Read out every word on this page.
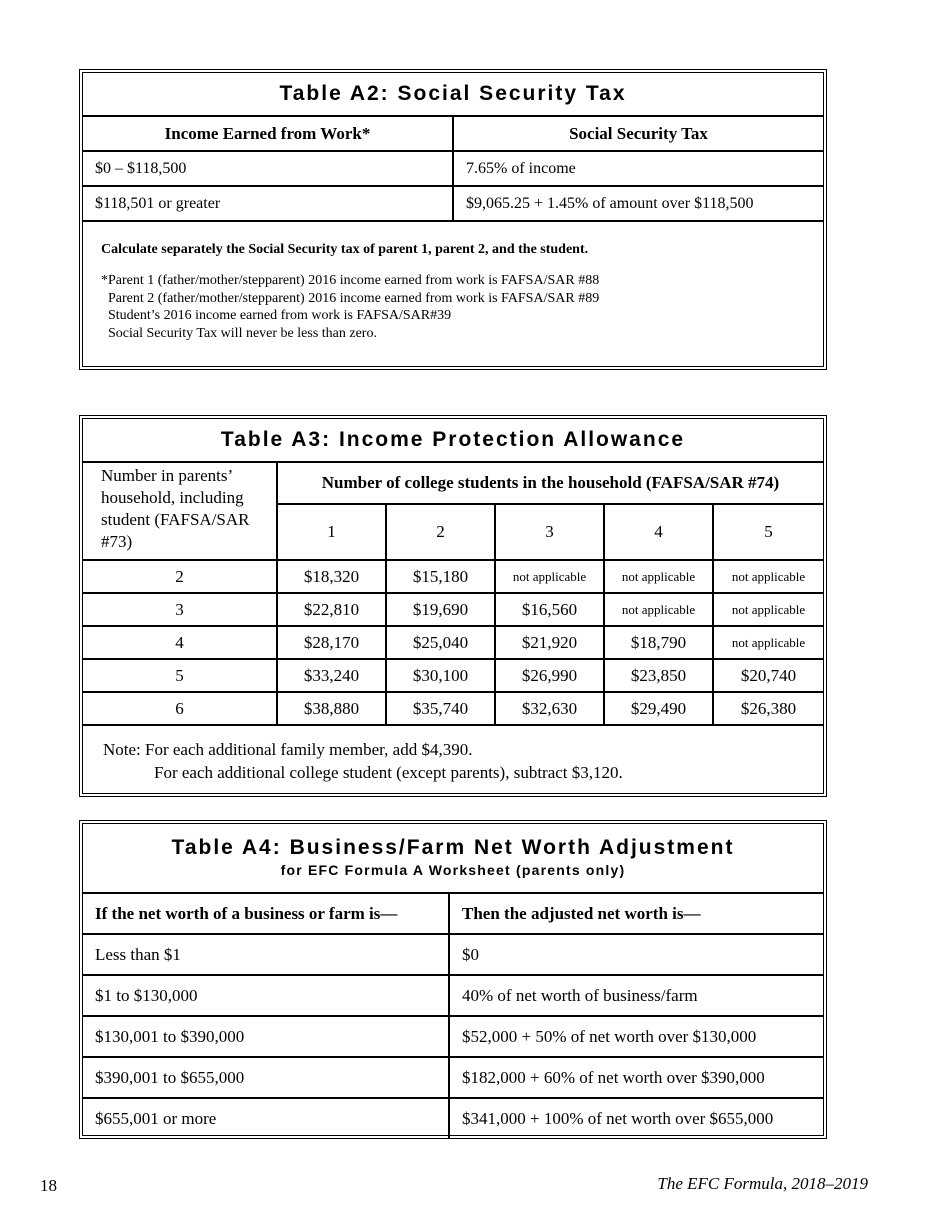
Table A2: Social Security Tax
Income Earned from Work*	Social Security Tax
$0 – $118,500	7.65% of income
$118,501 or greater	$9,065.25 + 1.45% of amount over $118,500
Calculate separately the Social Security tax of parent 1, parent 2, and the student.
*Parent 1 (father/mother/stepparent) 2016 income earned from work is FAFSA/SAR #88
Parent 2 (father/mother/stepparent) 2016 income earned from work is FAFSA/SAR #89
Student’s 2016 income earned from work is FAFSA/SAR#39
Social Security Tax will never be less than zero.
Table A3: Income Protection Allowance
Number in parents’ household, including student (FAFSA/SAR #73)	Number of college students in the household (FAFSA/SAR #74)				
	1	2	3	4	5
2	$18,320	$15,180	not applicable	not applicable	not applicable
3	$22,810	$19,690	$16,560	not applicable	not applicable
4	$28,170	$25,040	$21,920	$18,790	not applicable
5	$33,240	$30,100	$26,990	$23,850	$20,740
6	$38,880	$35,740	$32,630	$29,490	$26,380
Note: For each additional family member, add $4,390.
For each additional college student (except parents), subtract $3,120.
Table A4: Business/Farm Net Worth Adjustment
for EFC Formula A Worksheet (parents only)
If the net worth of a business or farm is—	Then the adjusted net worth is—
Less than $1	$0
$1 to $130,000	40% of net worth of business/farm
$130,001 to $390,000	$52,000 + 50% of net worth over $130,000
$390,001 to $655,000	$182,000 + 60% of net worth over $390,000
$655,001 or more	$341,000 + 100% of net worth over $655,000
18	The EFC Formula, 2018–2019
